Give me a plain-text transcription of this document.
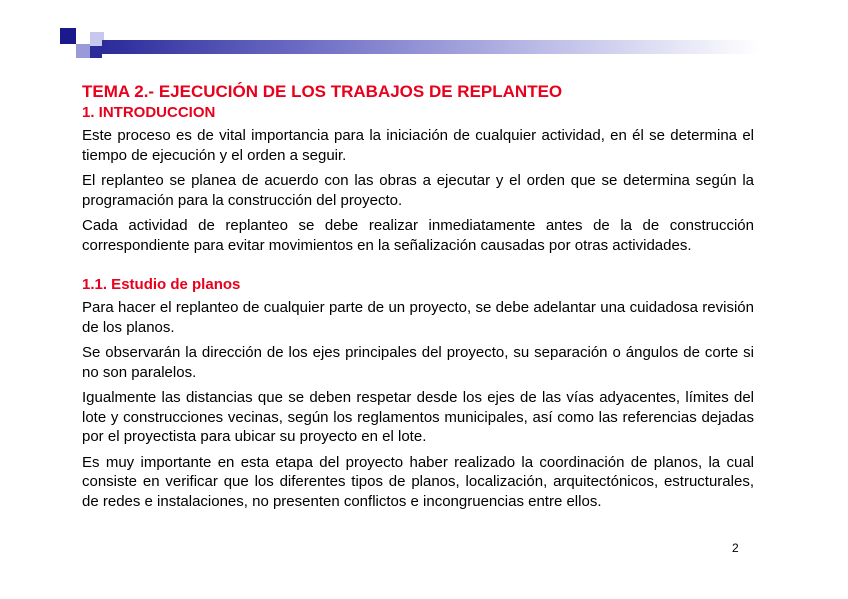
TEMA 2.- EJECUCIÓN DE LOS TRABAJOS DE REPLANTEO
1. INTRODUCCION

Este proceso es de vital importancia para la iniciación de cualquier actividad, en él se determina el tiempo de ejecución y el orden a seguir.

El replanteo se planea de acuerdo con las obras a ejecutar y el orden que se determina según la programación para la construcción del proyecto.

Cada actividad de replanteo se debe realizar inmediatamente antes de la de construcción correspondiente para evitar movimientos en la señalización causadas por otras actividades.

1.1. Estudio de planos

Para hacer el replanteo de cualquier parte de un proyecto, se debe adelantar una cuidadosa revisión de los planos.

Se observarán la dirección de los ejes principales del proyecto, su separación o ángulos de corte si no son paralelos.

Igualmente las distancias que se deben respetar desde los ejes de las vías adyacentes, límites del lote y construcciones vecinas, según los reglamentos municipales, así como las referencias dejadas por el proyectista para ubicar su proyecto en el lote.

Es muy importante en esta etapa del proyecto haber realizado la coordinación de planos, la cual consiste en verificar que los diferentes tipos de planos, localización, arquitectónicos, estructurales, de redes e instalaciones, no presenten conflictos e incongruencias entre ellos.

2
